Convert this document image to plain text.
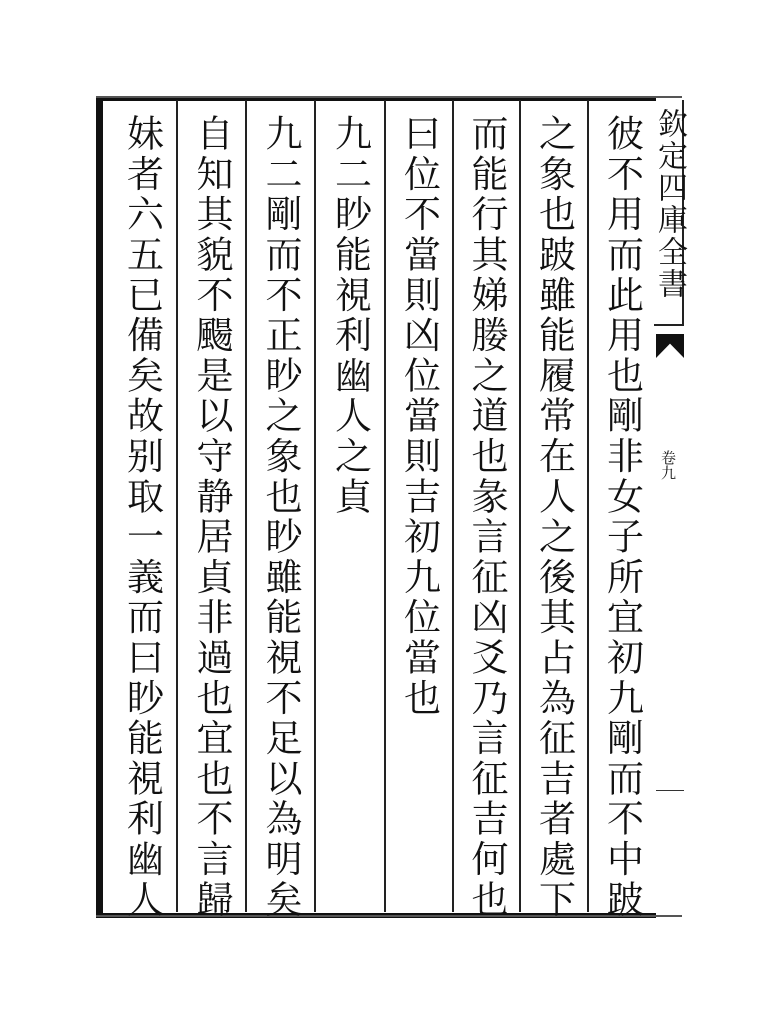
彼不用而此用也剛非女子所宜初九剛而不中跛
之象也跛雖能履常在人之後其占為征吉者處下
而能行其娣媵之道也彖言征凶爻乃言征吉何也
曰位不當則凶位當則吉初九位當也
九二眇能視利幽人之貞
九二剛而不正眇之象也眇雖能視不足以為明矣
自知其貌不颺是以守静居貞非過也宜也不言歸
妹者六五已備矣故别取一義而曰眇能視利幽人	欽定四庫全書
卷九
